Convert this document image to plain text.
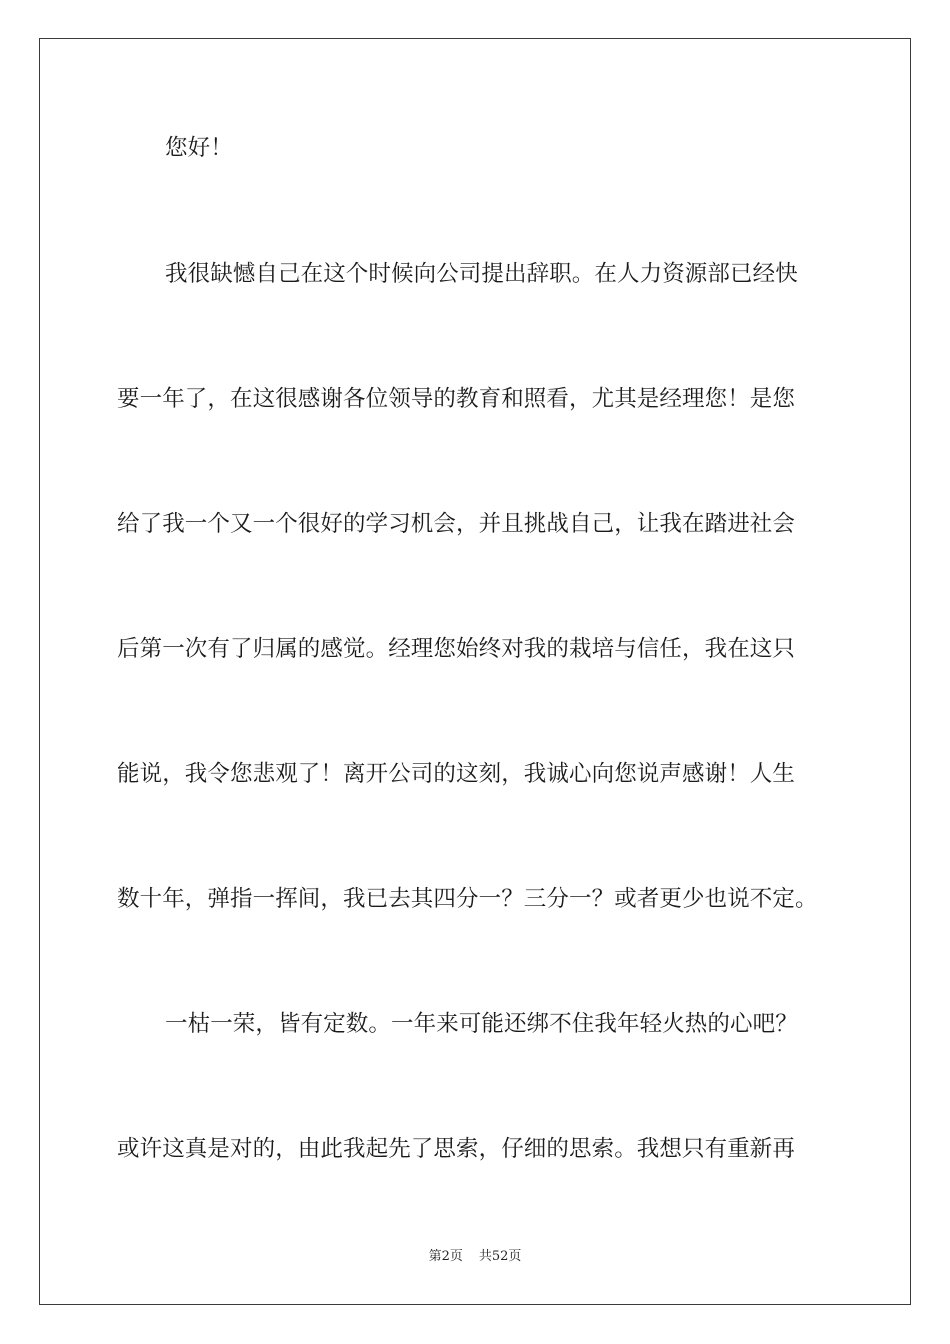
您好！
我很缺憾自己在这个时候向公司提出辞职。在人力资源部已经快
要一年了，在这很感谢各位领导的教育和照看，尤其是经理您！是您
给了我一个又一个很好的学习机会，并且挑战自己，让我在踏进社会
后第一次有了归属的感觉。经理您始终对我的栽培与信任，我在这只
能说，我令您悲观了！离开公司的这刻，我诚心向您说声感谢！人生
数十年，弹指一挥间，我已去其四分一？三分一？或者更少也说不定。
一枯一荣，皆有定数。一年来可能还绑不住我年轻火热的心吧？
或许这真是对的，由此我起先了思索，仔细的思索。我想只有重新再
第2页 共52页
